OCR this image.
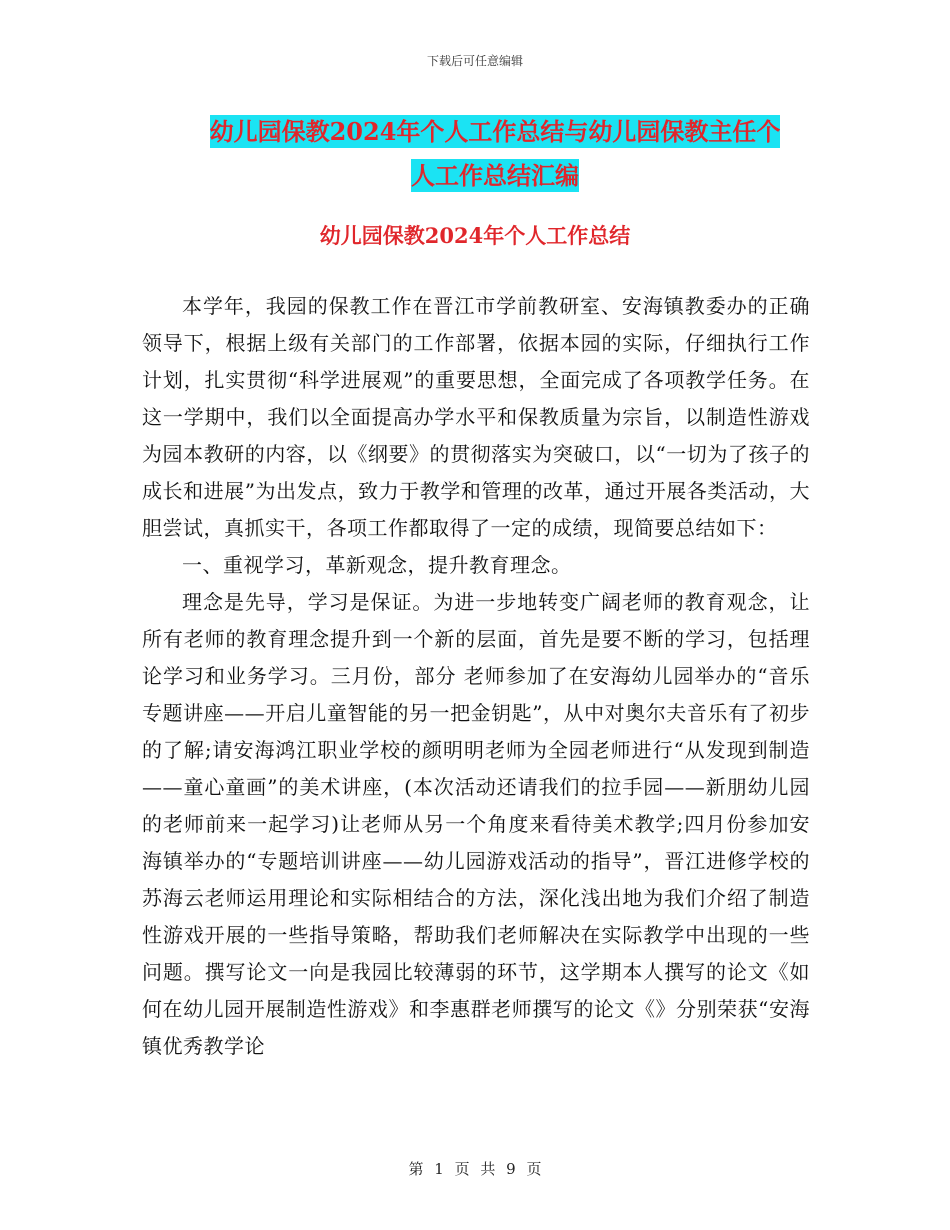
下载后可任意编辑
幼儿园保教2024年个人工作总结与幼儿园保教主任个
人工作总结汇编
幼儿园保教2024年个人工作总结

本学年，我园的保教工作在晋江市学前教研室、安海镇教委办的正确领导下，根据上级有关部门的工作部署，依据本园的实际，仔细执行工作计划，扎实贯彻“科学进展观”的重要思想，全面完成了各项教学任务。在这一学期中，我们以全面提高办学水平和保教质量为宗旨，以制造性游戏为园本教研的内容，以《纲要》的贯彻落实为突破口，以“一切为了孩子的成长和进展”为出发点，致力于教学和管理的改革，通过开展各类活动，大胆尝试，真抓实干，各项工作都取得了一定的成绩，现简要总结如下：

一、重视学习，革新观念，提升教育理念。

理念是先导，学习是保证。为进一步地转变广阔老师的教育观念，让所有老师的教育理念提升到一个新的层面，首先是要不断的学习，包括理论学习和业务学习。三月份，部分 老师参加了在安海幼儿园举办的“音乐专题讲座——开启儿童智能的另一把金钥匙”，从中对奥尔夫音乐有了初步的了解;请安海鸿江职业学校的颜明明老师为全园老师进行“从发现到制造——童心童画”的美术讲座，(本次活动还请我们的拉手园——新朋幼儿园的老师前来一起学习)让老师从另一个角度来看待美术教学;四月份参加安海镇举办的“专题培训讲座——幼儿园游戏活动的指导”，晋江进修学校的苏海云老师运用理论和实际相结合的方法，深化浅出地为我们介绍了制造性游戏开展的一些指导策略，帮助我们老师解决在实际教学中出现的一些问题。撰写论文一向是我园比较薄弱的环节，这学期本人撰写的论文《如何在幼儿园开展制造性游戏》和李惠群老师撰写的论文《》分别荣获“安海镇优秀教学论

第 1 页 共 9 页
